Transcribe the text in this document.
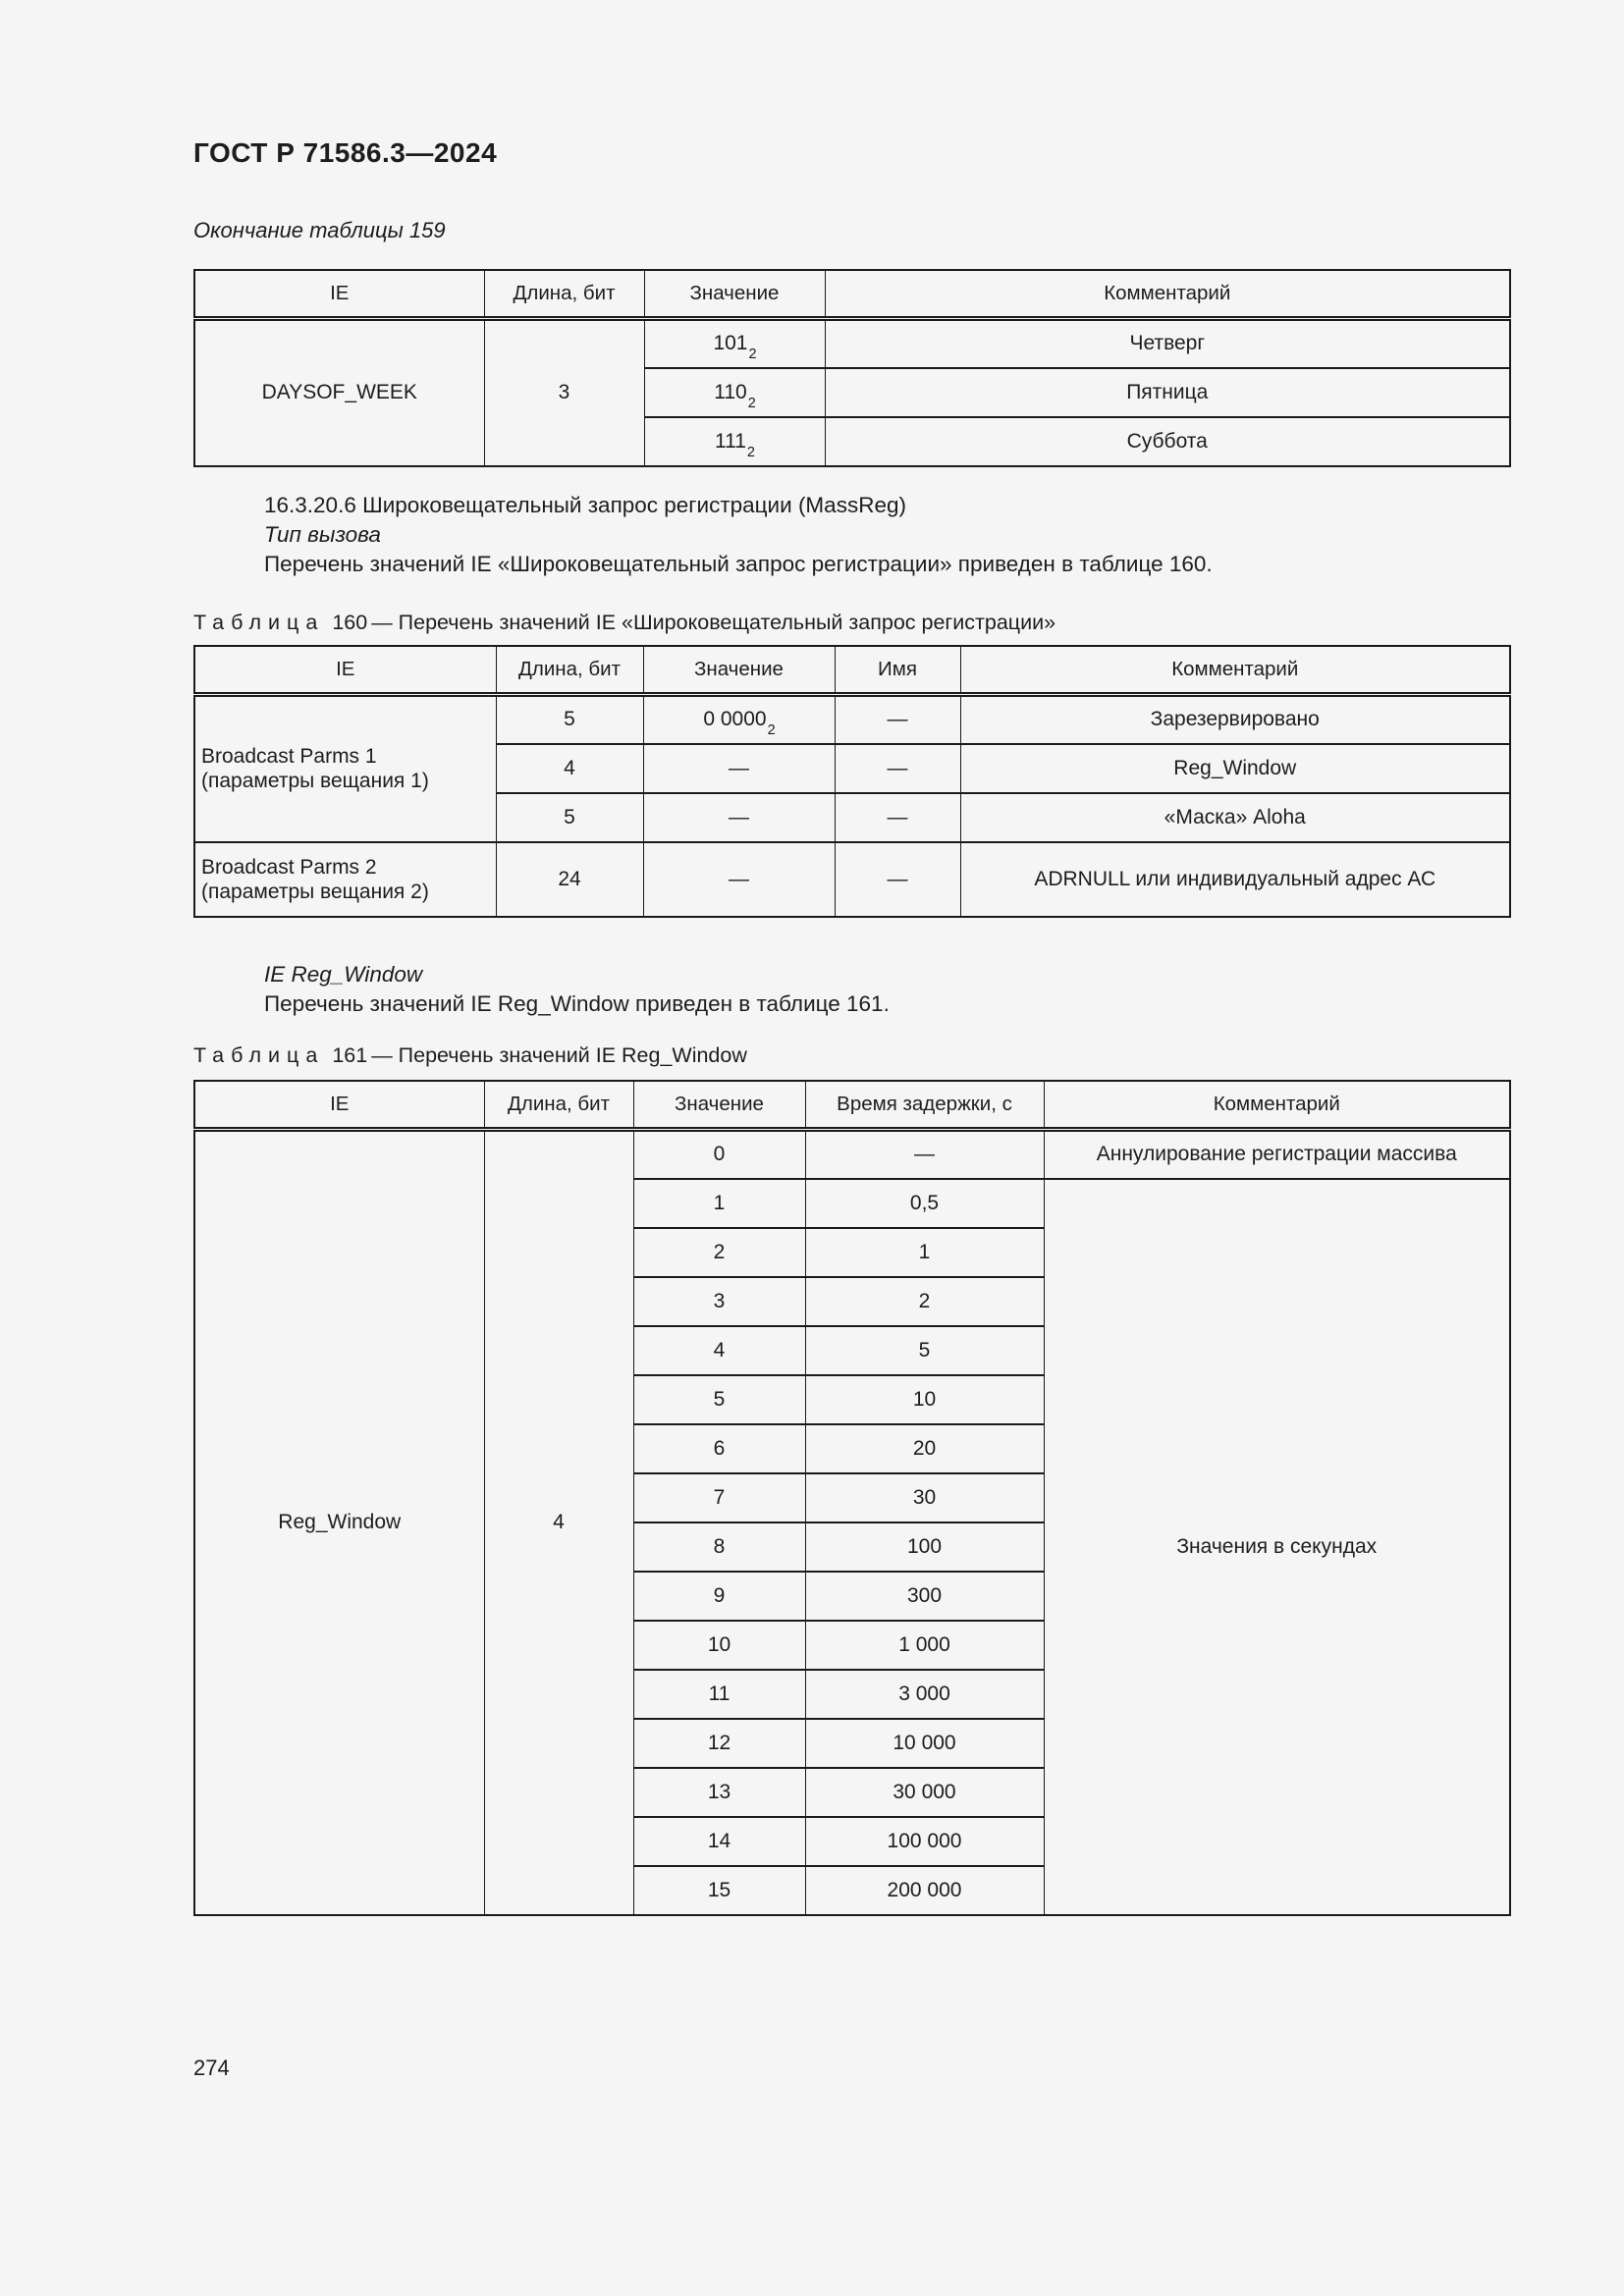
ГОСТ Р 71586.3—2024
Окончание таблицы 159
IE	Длина, бит	Значение	Комментарий
DAYSOF_WEEK	3	$101_2$	Четверг
		$110_2$	Пятница
		$111_2$	Суббота

16.3.20.6 Широковещательный запрос регистрации (MassReg)

Тип вызова

Перечень значений IE «Широковещательный запрос регистрации» приведен в таблице 160.

Таблица 160 — Перечень значений IE «Широковещательный запрос регистрации»
IE	Длина, бит	Значение	Имя	Комментарий

Broadcast Parms 1
(параметры вещания 1)	5	0 $0000_2$	—	Зарезервировано
	4	—	—	Reg_Window
	5	—	—	«Маска» Aloha

Broadcast Parms 2
(параметры вещания 2)	24	—	—	ADRNULL или индивидуальный адрес АС

IE Reg_Window

Перечень значений IE Reg_Window приведен в таблице 161.

Таблица 161 — Перечень значений IE Reg_Window
IE	Длина, бит	Значение	Время задержки, с	Комментарий
Reg_Window	4	0	—	Аннулирование регистрации массива
		1	0,5	Значения в секундах
		2	1	
		3	2	
		4	5	
		5	10	
		6	20	
		7	30	
		8	100	
		9	300	
		10	1 000	
		11	3 000	
		12	10 000	
		13	30 000	
		14	100 000	
		15	200 000	
274
